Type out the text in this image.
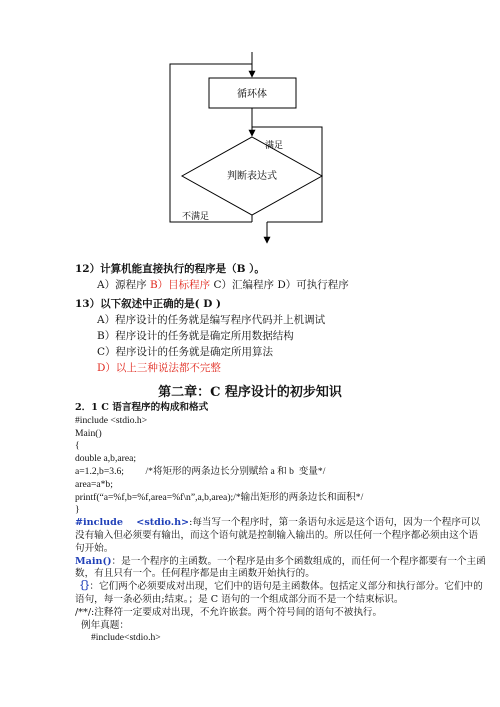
循环体
判断表达式
满足
不满足
12）计算机能直接执行的程序是（B ）。
A）源程序 B）目标程序 C）汇编程序 D）可执行程序
13）以下叙述中正确的是( D )
A）程序设计的任务就是编写程序代码并上机调试
B）程序设计的任务就是确定所用数据结构
C）程序设计的任务就是确定所用算法
D）以上三种说法都不完整
第二章：C 程序设计的初步知识
2．1 C 语言程序的构成和格式
#include <stdio.h>
Main()
{
double a,b,area;
a=1.2,b=3.6;         /*将矩形的两条边长分别赋给 a 和 b  变量*/
area=a*b;
printf(“a=%f,b=%f,area=%f\n”,a,b,area);/*输出矩形的两条边长和面积*/
}
#include    <stdio.h>:每当写一个程序时，第一条语句永远是这个语句，因为一个程序可以没有输入但必须要有输出，而这个语句就是控制输入输出的。所以任何一个程序都必须由这个语句开始。
Main()：是一个程序的主函数。一个程序是由多个函数组成的，而任何一个程序都要有一个主函数，有且只有一个。任何程序都是由主函数开始执行的。
｛｝：它们两个必须要成对出现，它们中的语句是主函数体。包括定义部分和执行部分。它们中的语句，每一条必须由;结束。；是 C 语句的一个组成部分而不是一个结束标识。
/**/:注释符一定要成对出现，不允许嵌套。两个符号间的语句不被执行。
例年真题：
#include<stdio.h>
